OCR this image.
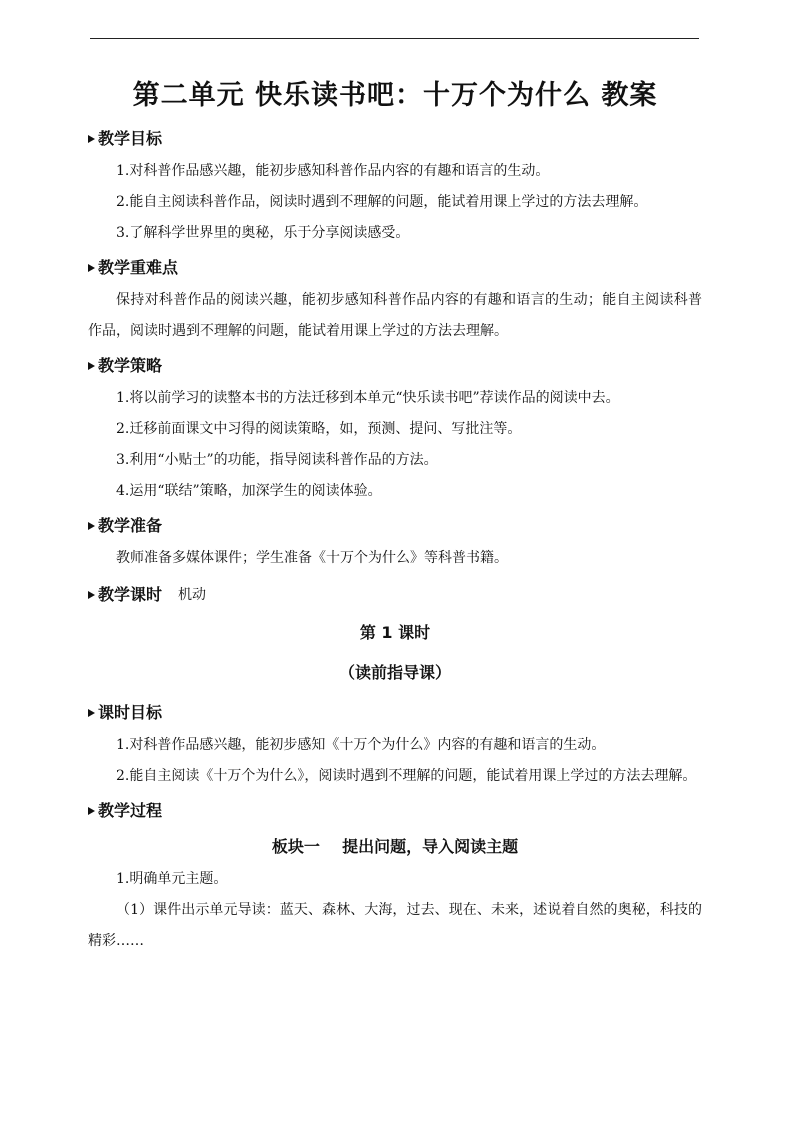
第二单元 快乐读书吧：十万个为什么 教案
教学目标

1.对科普作品感兴趣，能初步感知科普作品内容的有趣和语言的生动。

2.能自主阅读科普作品，阅读时遇到不理解的问题，能试着用课上学过的方法去理解。

3.了解科学世界里的奥秘，乐于分享阅读感受。

教学重难点

保持对科普作品的阅读兴趣，能初步感知科普作品内容的有趣和语言的生动；能自主阅读科普作品，阅读时遇到不理解的问题，能试着用课上学过的方法去理解。

教学策略

1.将以前学习的读整本书的方法迁移到本单元“快乐读书吧”荐读作品的阅读中去。

2.迁移前面课文中习得的阅读策略，如，预测、提问、写批注等。

3.利用“小贴士”的功能，指导阅读科普作品的方法。

4.运用“联结”策略，加深学生的阅读体验。

教学准备

教师准备多媒体课件；学生准备《十万个为什么》等科普书籍。

教学课时 机动
第 1 课时
（读前指导课）
课时目标

1.对科普作品感兴趣，能初步感知《十万个为什么》内容的有趣和语言的生动。

2.能自主阅读《十万个为什么》，阅读时遇到不理解的问题，能试着用课上学过的方法去理解。

教学过程
板块一    提出问题，导入阅读主题

1.明确单元主题。

（1）课件出示单元导读：蓝天、森林、大海，过去、现在、未来，述说着自然的奥秘，科技的精彩……
